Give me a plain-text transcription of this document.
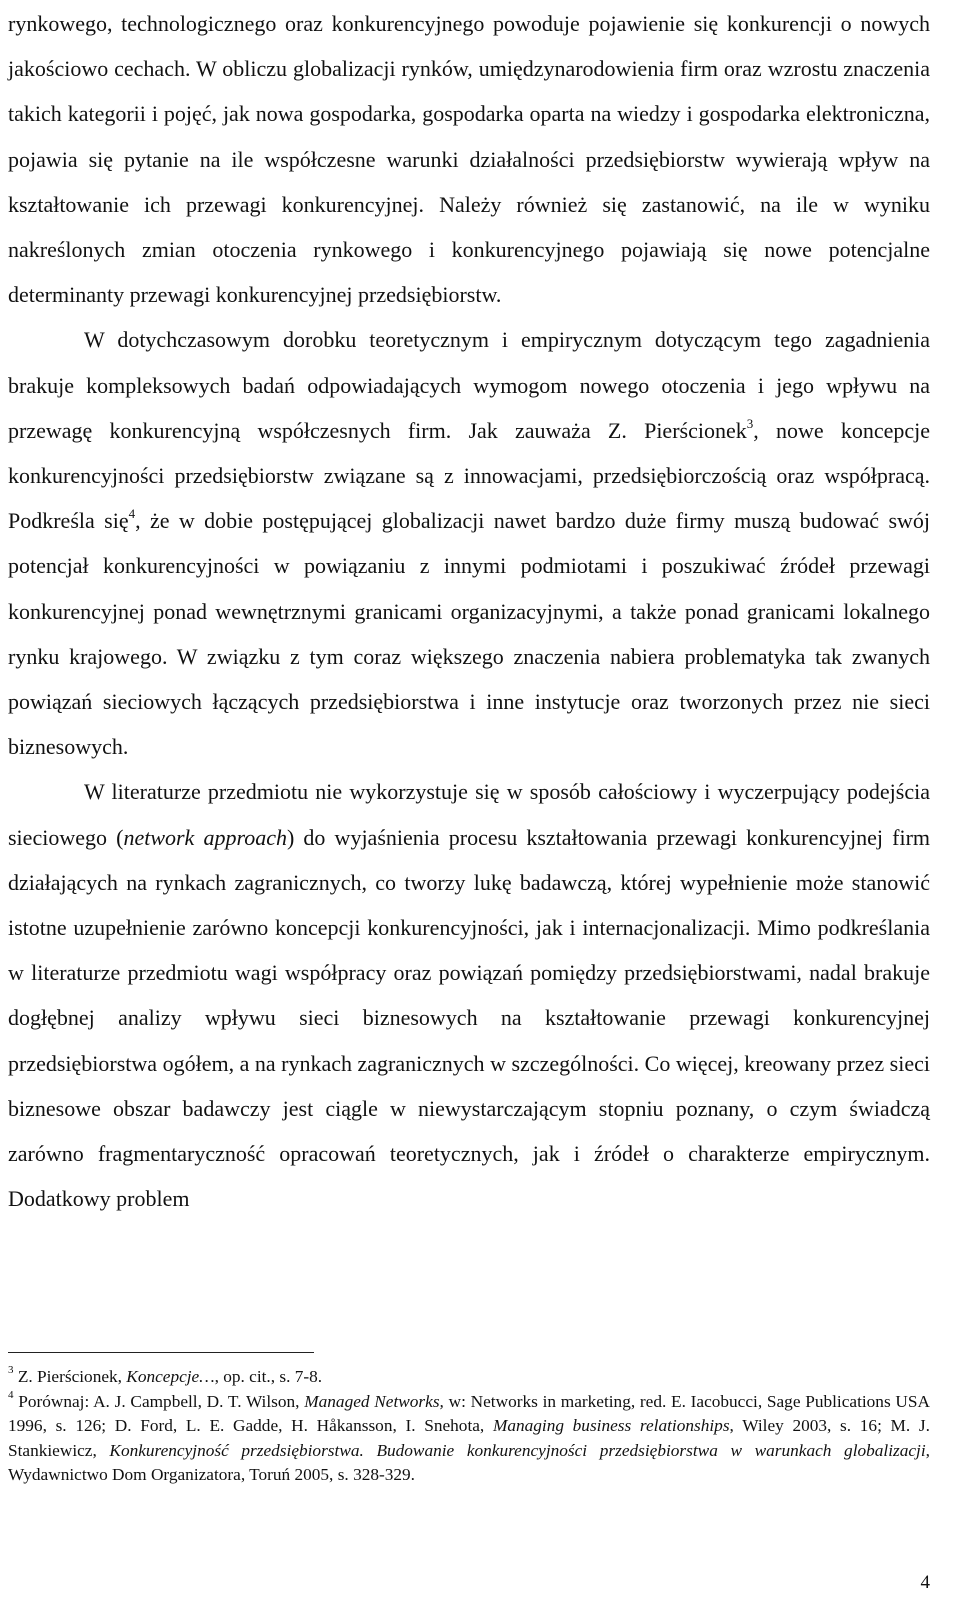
rynkowego, technologicznego oraz konkurencyjnego powoduje pojawienie się konkurencji o nowych jakościowo cechach. W obliczu globalizacji rynków, umiędzynarodowienia firm oraz wzrostu znaczenia takich kategorii i pojęć, jak nowa gospodarka, gospodarka oparta na wiedzy i gospodarka elektroniczna, pojawia się pytanie na ile współczesne warunki działalności przedsiębiorstw wywierają wpływ na kształtowanie ich przewagi konkurencyjnej. Należy również się zastanowić, na ile w wyniku nakreślonych zmian otoczenia rynkowego i konkurencyjnego pojawiają się nowe potencjalne determinanty przewagi konkurencyjnej przedsiębiorstw.

W dotychczasowym dorobku teoretycznym i empirycznym dotyczącym tego zagadnienia brakuje kompleksowych badań odpowiadających wymogom nowego otoczenia i jego wpływu na przewagę konkurencyjną współczesnych firm. Jak zauważa Z. Pierścionek$^3$, nowe koncepcje konkurencyjności przedsiębiorstw związane są z innowacjami, przedsiębiorczością oraz współpracą. Podkreśla się$^4$, że w dobie postępującej globalizacji nawet bardzo duże firmy muszą budować swój potencjał konkurencyjności w powiązaniu z innymi podmiotami i poszukiwać źródeł przewagi konkurencyjnej ponad wewnętrznymi granicami organizacyjnymi, a także ponad granicami lokalnego rynku krajowego. W związku z tym coraz większego znaczenia nabiera problematyka tak zwanych powiązań sieciowych łączących przedsiębiorstwa i inne instytucje oraz tworzonych przez nie sieci biznesowych.

W literaturze przedmiotu nie wykorzystuje się w sposób całościowy i wyczerpujący podejścia sieciowego (network approach) do wyjaśnienia procesu kształtowania przewagi konkurencyjnej firm działających na rynkach zagranicznych, co tworzy lukę badawczą, której wypełnienie może stanowić istotne uzupełnienie zarówno koncepcji konkurencyjności, jak i internacjonalizacji. Mimo podkreślania w literaturze przedmiotu wagi współpracy oraz powiązań pomiędzy przedsiębiorstwami, nadal brakuje dogłębnej analizy wpływu sieci biznesowych na kształtowanie przewagi konkurencyjnej przedsiębiorstwa ogółem, a na rynkach zagranicznych w szczególności. Co więcej, kreowany przez sieci biznesowe obszar badawczy jest ciągle w niewystarczającym stopniu poznany, o czym świadczą zarówno fragmentaryczność opracowań teoretycznych, jak i źródeł o charakterze empirycznym. Dodatkowy problem

$^3$ Z. Pierścionek, Koncepcje…, op. cit., s. 7-8.

$^4$ Porównaj: A. J. Campbell, D. T. Wilson, Managed Networks, w: Networks in marketing, red. E. Iacobucci, Sage Publications USA 1996, s. 126; D. Ford, L. E. Gadde, H. Håkansson, I. Snehota, Managing business relationships, Wiley 2003, s. 16; M. J. Stankiewicz, Konkurencyjność przedsiębiorstwa. Budowanie konkurencyjności przedsiębiorstwa w warunkach globalizacji, Wydawnictwo Dom Organizatora, Toruń 2005, s. 328-329.

4
